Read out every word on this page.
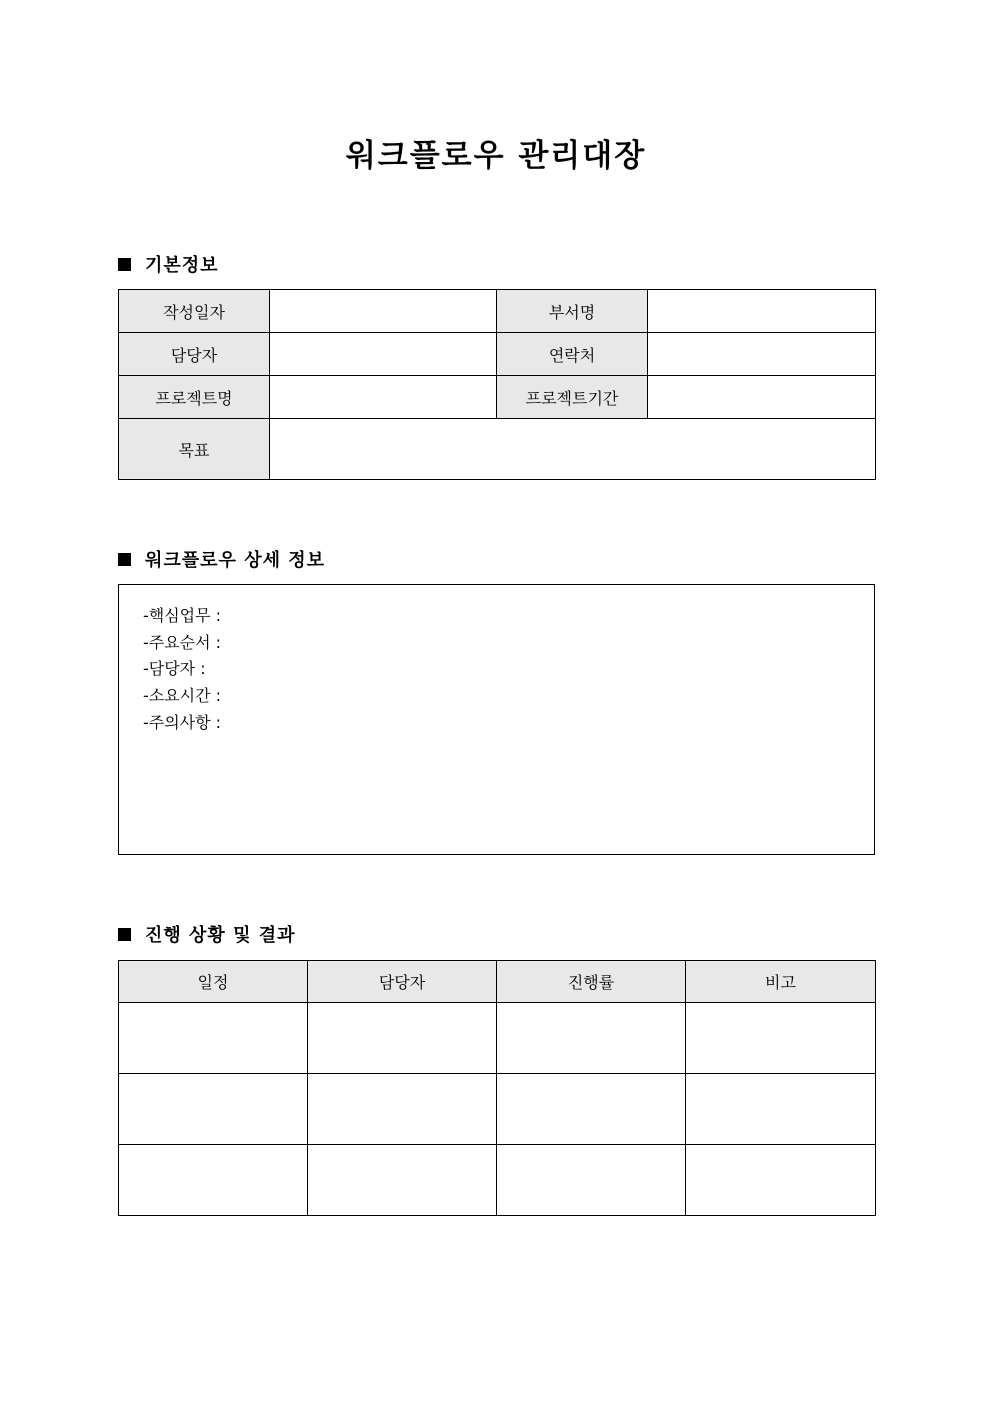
워크플로우 관리대장
기본정보
작성일자		부서명	
담당자		연락처	
프로젝트명		프로젝트기간	
목표			
워크플로우 상세 정보
-핵심업무 :
-주요순서 :
-담당자 :
-소요시간 :
-주의사항 :
진행 상황 및 결과
일정	담당자	진행률	비고
